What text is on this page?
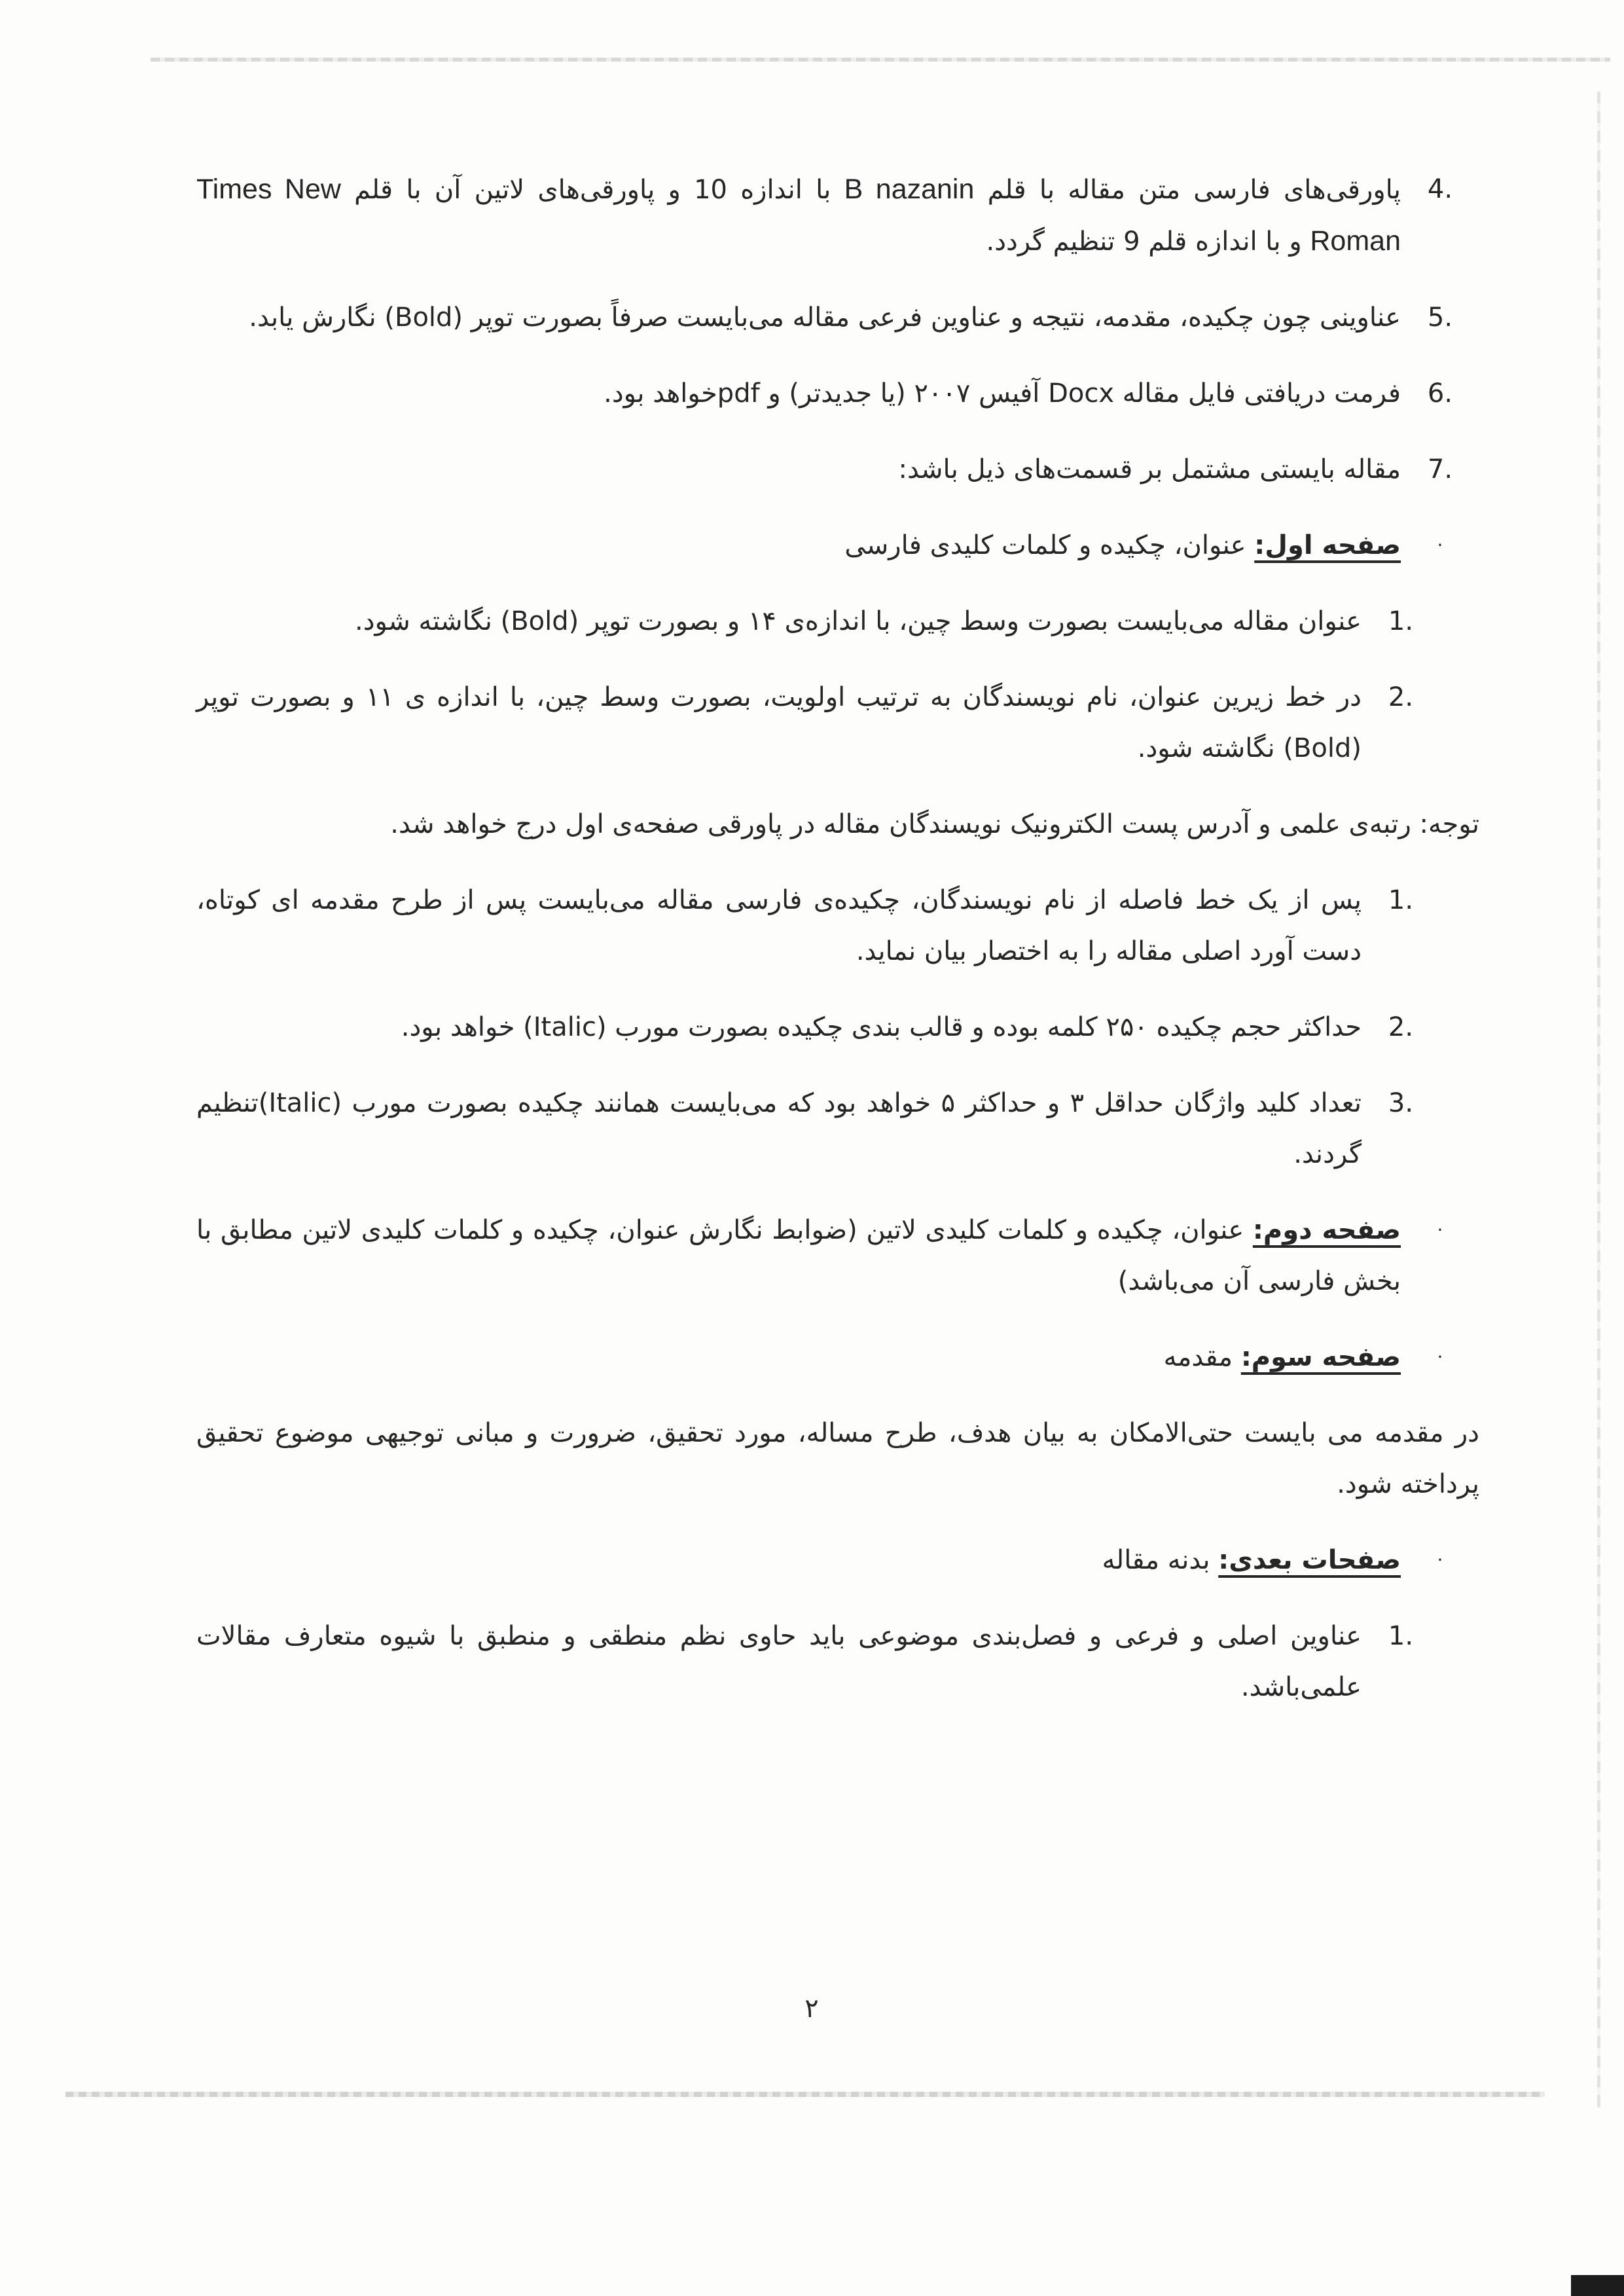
4.
پاورقی‌های فارسی متن مقاله با قلم B nazanin با اندازه 10 و پاورقی‌های لاتین آن با قلم Times New Roman و با اندازه قلم 9 تنظیم گردد.
5.
عناوینی چون چکیده، مقدمه، نتیجه و عناوین فرعی مقاله می‌بایست صرفاً بصورت توپر (Bold) نگارش یابد.
6.
فرمت دریافتی فایل مقاله Docx آفیس ۲۰۰۷ (یا جدیدتر) و pdfخواهد بود.
7.
مقاله بایستی مشتمل بر قسمت‌های ذیل باشد:
·
صفحه اول: عنوان، چکیده و کلمات کلیدی فارسی
1.
عنوان مقاله می‌بایست بصورت وسط چین، با اندازه‌ی ۱۴ و بصورت توپر (Bold) نگاشته شود.
2.
در خط زیرین عنوان، نام نویسندگان به ترتیب اولویت، بصورت وسط چین، با اندازه ی ۱۱ و بصورت توپر (Bold) نگاشته شود.

توجه: رتبه‌ی علمی و آدرس پست الکترونیک نویسندگان مقاله در پاورقی صفحه‌ی اول درج خواهد شد.

1.
پس از یک خط فاصله از نام نویسندگان، چکیده‌ی فارسی مقاله می‌بایست پس از طرح مقدمه ای کوتاه، دست آورد اصلی مقاله را به اختصار بیان نماید.
2.
حداکثر حجم چکیده ۲۵۰ کلمه بوده و قالب بندی چکیده بصورت مورب (Italic) خواهد بود.
3.
تعداد کلید واژگان حداقل ۳ و حداکثر ۵ خواهد بود که می‌بایست همانند چکیده بصورت مورب (Italic)تنظیم گردند.
·
صفحه دوم: عنوان، چکیده و کلمات کلیدی لاتین (ضوابط نگارش عنوان، چکیده و کلمات کلیدی لاتین مطابق با بخش فارسی آن می‌باشد)
·
صفحه سوم: مقدمه

در مقدمه می بایست حتی‌الامکان به بیان هدف، طرح مساله، مورد تحقیق، ضرورت و مبانی توجیهی موضوع تحقیق پرداخته شود.

·
صفحات بعدی: بدنه مقاله
1.
عناوین اصلی و فرعی و فصل‌بندی موضوعی باید حاوی نظم منطقی و منطبق با شیوه متعارف مقالات علمی‌باشد.
۲
